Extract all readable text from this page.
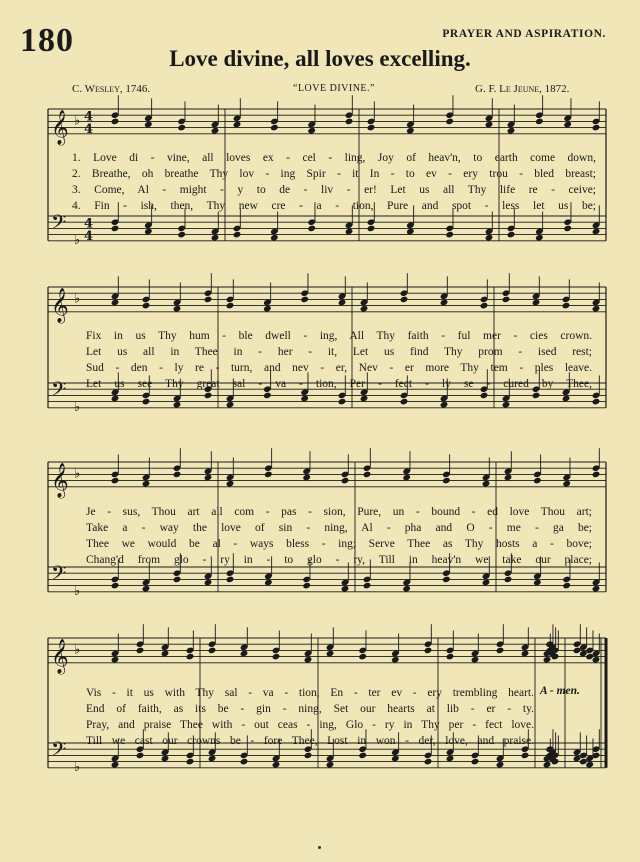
180	PRAYER AND ASPIRATION.
Love divine, all loves excelling.
C. Wesley, 1746.	“LOVE DIVINE.”	G. F. Le Jeune, 1872.
𝄞 ♭ 4
4
𝄢
♭
4
4
𝄞 ♭
𝄢
♭
𝄞 ♭
𝄢
♭
𝄞 ♭
𝄢
♭
1. Love di - vine, all loves ex - cel - ling, Joy of heav'n, to earth come down,
2. Breathe, oh breathe Thy lov - ing Spir - it In - to ev - ery trou - bled breast;
3. Come, Al - might - y to de - liv - er! Let us all Thy life re - ceive;
4. Fin - ish, then, Thy new cre - a - tion, Pure and spot - less let us be;
Fix in us Thy hum - ble dwell - ing, All Thy faith - ful mer - cies crown.
Let us all in Thee in - her - it, Let us find Thy prom - ised rest;
Sud - den - ly re - turn, and nev - er, Nev - er more Thy tem - ples leave.
Let us see Thy great sal - va - tion, Per - fect - ly se - cured by Thee,
Je - sus, Thou art all com - pas - sion, Pure, un - bound - ed love Thou art;
Take a - way the love of sin - ning, Al - pha and O - me - ga be;
Thee we would be al - ways bless - ing; Serve Thee as Thy hosts a - bove;
Chang'd from glo - ry in - to glo - ry, Till in heav'n we take our place;
Vis - it us with Thy sal - va - tion, En - ter ev - ery trembling heart.
End of faith, as its be - gin - ning, Set our hearts at lib - er - ty.
Pray, and praise Thee with - out ceas - ing, Glo - ry in Thy per - fect love.
Till we cast our crowns be - fore Thee, Lost in won - der, love, and praise.
A - men.
